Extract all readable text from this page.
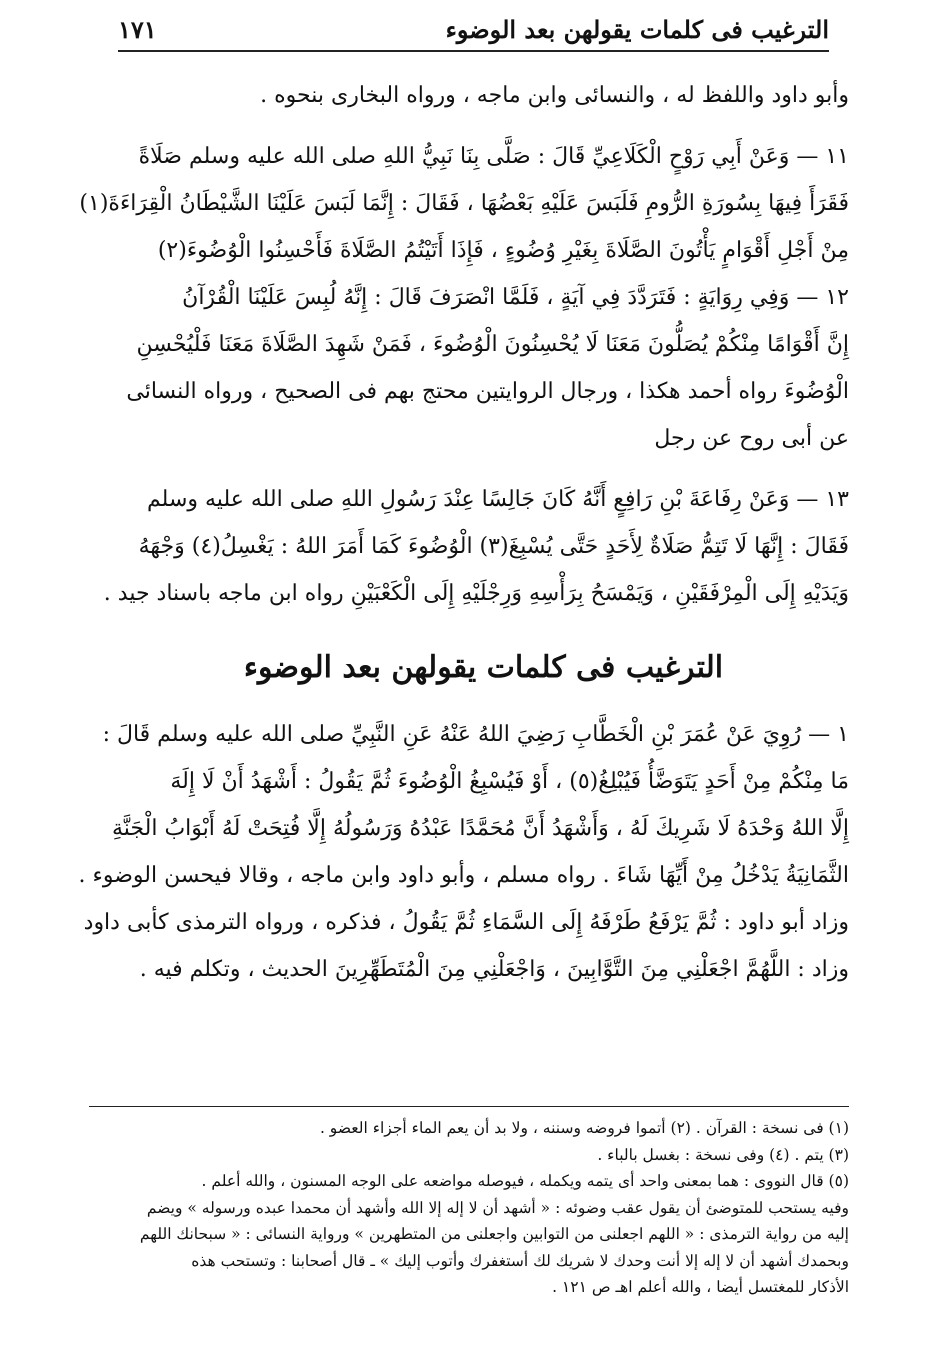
الترغيب فى كلمات يقولهن بعد الوضوء
١٧١
وأبو داود واللفظ له ، والنسائى وابن ماجه ، ورواه البخارى بنحوه .
١١ — وَعَنْ أَبِي رَوْحٍ الْكَلَاعِيِّ قَالَ : صَلَّى بِنَا نَبِيُّ اللهِ صلى الله عليه وسلم صَلَاةً
فَقَرَأَ فِيهَا بِسُورَةِ الرُّومِ فَلَبَسَ عَلَيْهِ بَعْضُهَا ، فَقَالَ : إِنَّمَا لَبَسَ عَلَيْنَا الشَّيْطَانُ الْقِرَاءَةَ(١)
مِنْ أَجْلِ أَقْوَامٍ يَأْتُونَ الصَّلَاةَ بِغَيْرِ وُضُوءٍ ، فَإِذَا أَتَيْتُمُ الصَّلَاةَ فَأَحْسِنُوا الْوُضُوءَ(٢)
١٢ — وَفِي رِوَايَةٍ : فَتَرَدَّدَ فِي آيَةٍ ، فَلَمَّا انْصَرَفَ قَالَ : إِنَّهُ لُبِسَ عَلَيْنَا الْقُرْآنُ
إِنَّ أَقْوَامًا مِنْكُمْ يُصَلُّونَ مَعَنَا لَا يُحْسِنُونَ الْوُضُوءَ ، فَمَنْ شَهِدَ الصَّلَاةَ مَعَنَا فَلْيُحْسِنِ
الْوُضُوءَ رواه أحمد هكذا ، ورجال الروايتين محتج بهم فى الصحيح ، ورواه النسائى
عن أبى روح عن رجل
١٣ — وَعَنْ رِفَاعَةَ بْنِ رَافِعٍ أَنَّهُ كَانَ جَالِسًا عِنْدَ رَسُولِ اللهِ صلى الله عليه وسلم
فَقَالَ : إِنَّهَا لَا تَتِمُّ صَلَاةٌ لِأَحَدٍ حَتَّى يُسْبِغَ(٣) الْوُضُوءَ كَمَا أَمَرَ اللهُ : يَغْسِلُ(٤) وَجْهَهُ
وَيَدَيْهِ إِلَى الْمِرْفَقَيْنِ ، وَيَمْسَحُ بِرَأْسِهِ وَرِجْلَيْهِ إِلَى الْكَعْبَيْنِ رواه ابن ماجه باسناد جيد .
الترغيب فى كلمات يقولهن بعد الوضوء
١ — رُوِيَ عَنْ عُمَرَ بْنِ الْخَطَّابِ رَضِيَ اللهُ عَنْهُ عَنِ النَّبِيِّ صلى الله عليه وسلم قَالَ :
مَا مِنْكُمْ مِنْ أَحَدٍ يَتَوَضَّأُ فَيُبْلِغُ(٥) ، أَوْ فَيُسْبِغُ الْوُضُوءَ ثُمَّ يَقُولُ : أَشْهَدُ أَنْ لَا إِلَهَ
إِلَّا اللهُ وَحْدَهُ لَا شَرِيكَ لَهُ ، وَأَشْهَدُ أَنَّ مُحَمَّدًا عَبْدُهُ وَرَسُولُهُ إِلَّا فُتِحَتْ لَهُ أَبْوَابُ الْجَنَّةِ
الثَّمَانِيَةُ يَدْخُلُ مِنْ أَيِّهَا شَاءَ . رواه مسلم ، وأبو داود وابن ماجه ، وقالا فيحسن الوضوء .
وزاد أبو داود : ثُمَّ يَرْفَعُ طَرْفَهُ إِلَى السَّمَاءِ ثُمَّ يَقُولُ ، فذكره ، ورواه الترمذى كأبى داود
وزاد : اللَّهُمَّ اجْعَلْنِي مِنَ التَّوَّابِينَ ، وَاجْعَلْنِي مِنَ الْمُتَطَهِّرِينَ الحديث ، وتكلم فيه .
(١) فى نسخة : القرآن . (٢) أتموا فروضه وسننه ، ولا بد أن يعم الماء أجزاء العضو .
(٣) يتم . (٤) وفى نسخة : بغسل بالباء .
(٥) قال النووى : هما بمعنى واحد أى يتمه ويكمله ، فيوصله مواضعه على الوجه المسنون ، والله أعلم .
وفيه يستحب للمتوضئ أن يقول عقب وضوئه : « أشهد أن لا إله إلا الله وأشهد أن محمدا عبده ورسوله » ويضم
إليه من رواية الترمذى : « اللهم اجعلنى من التوابين واجعلنى من المتطهرين » ورواية النسائى : « سبحانك اللهم
وبحمدك أشهد أن لا إله إلا أنت وحدك لا شريك لك أستغفرك وأتوب إليك » ـ قال أصحابنا : وتستحب هذه
الأذكار للمغتسل أيضا ، والله أعلم اهـ ص ١٢١ .
